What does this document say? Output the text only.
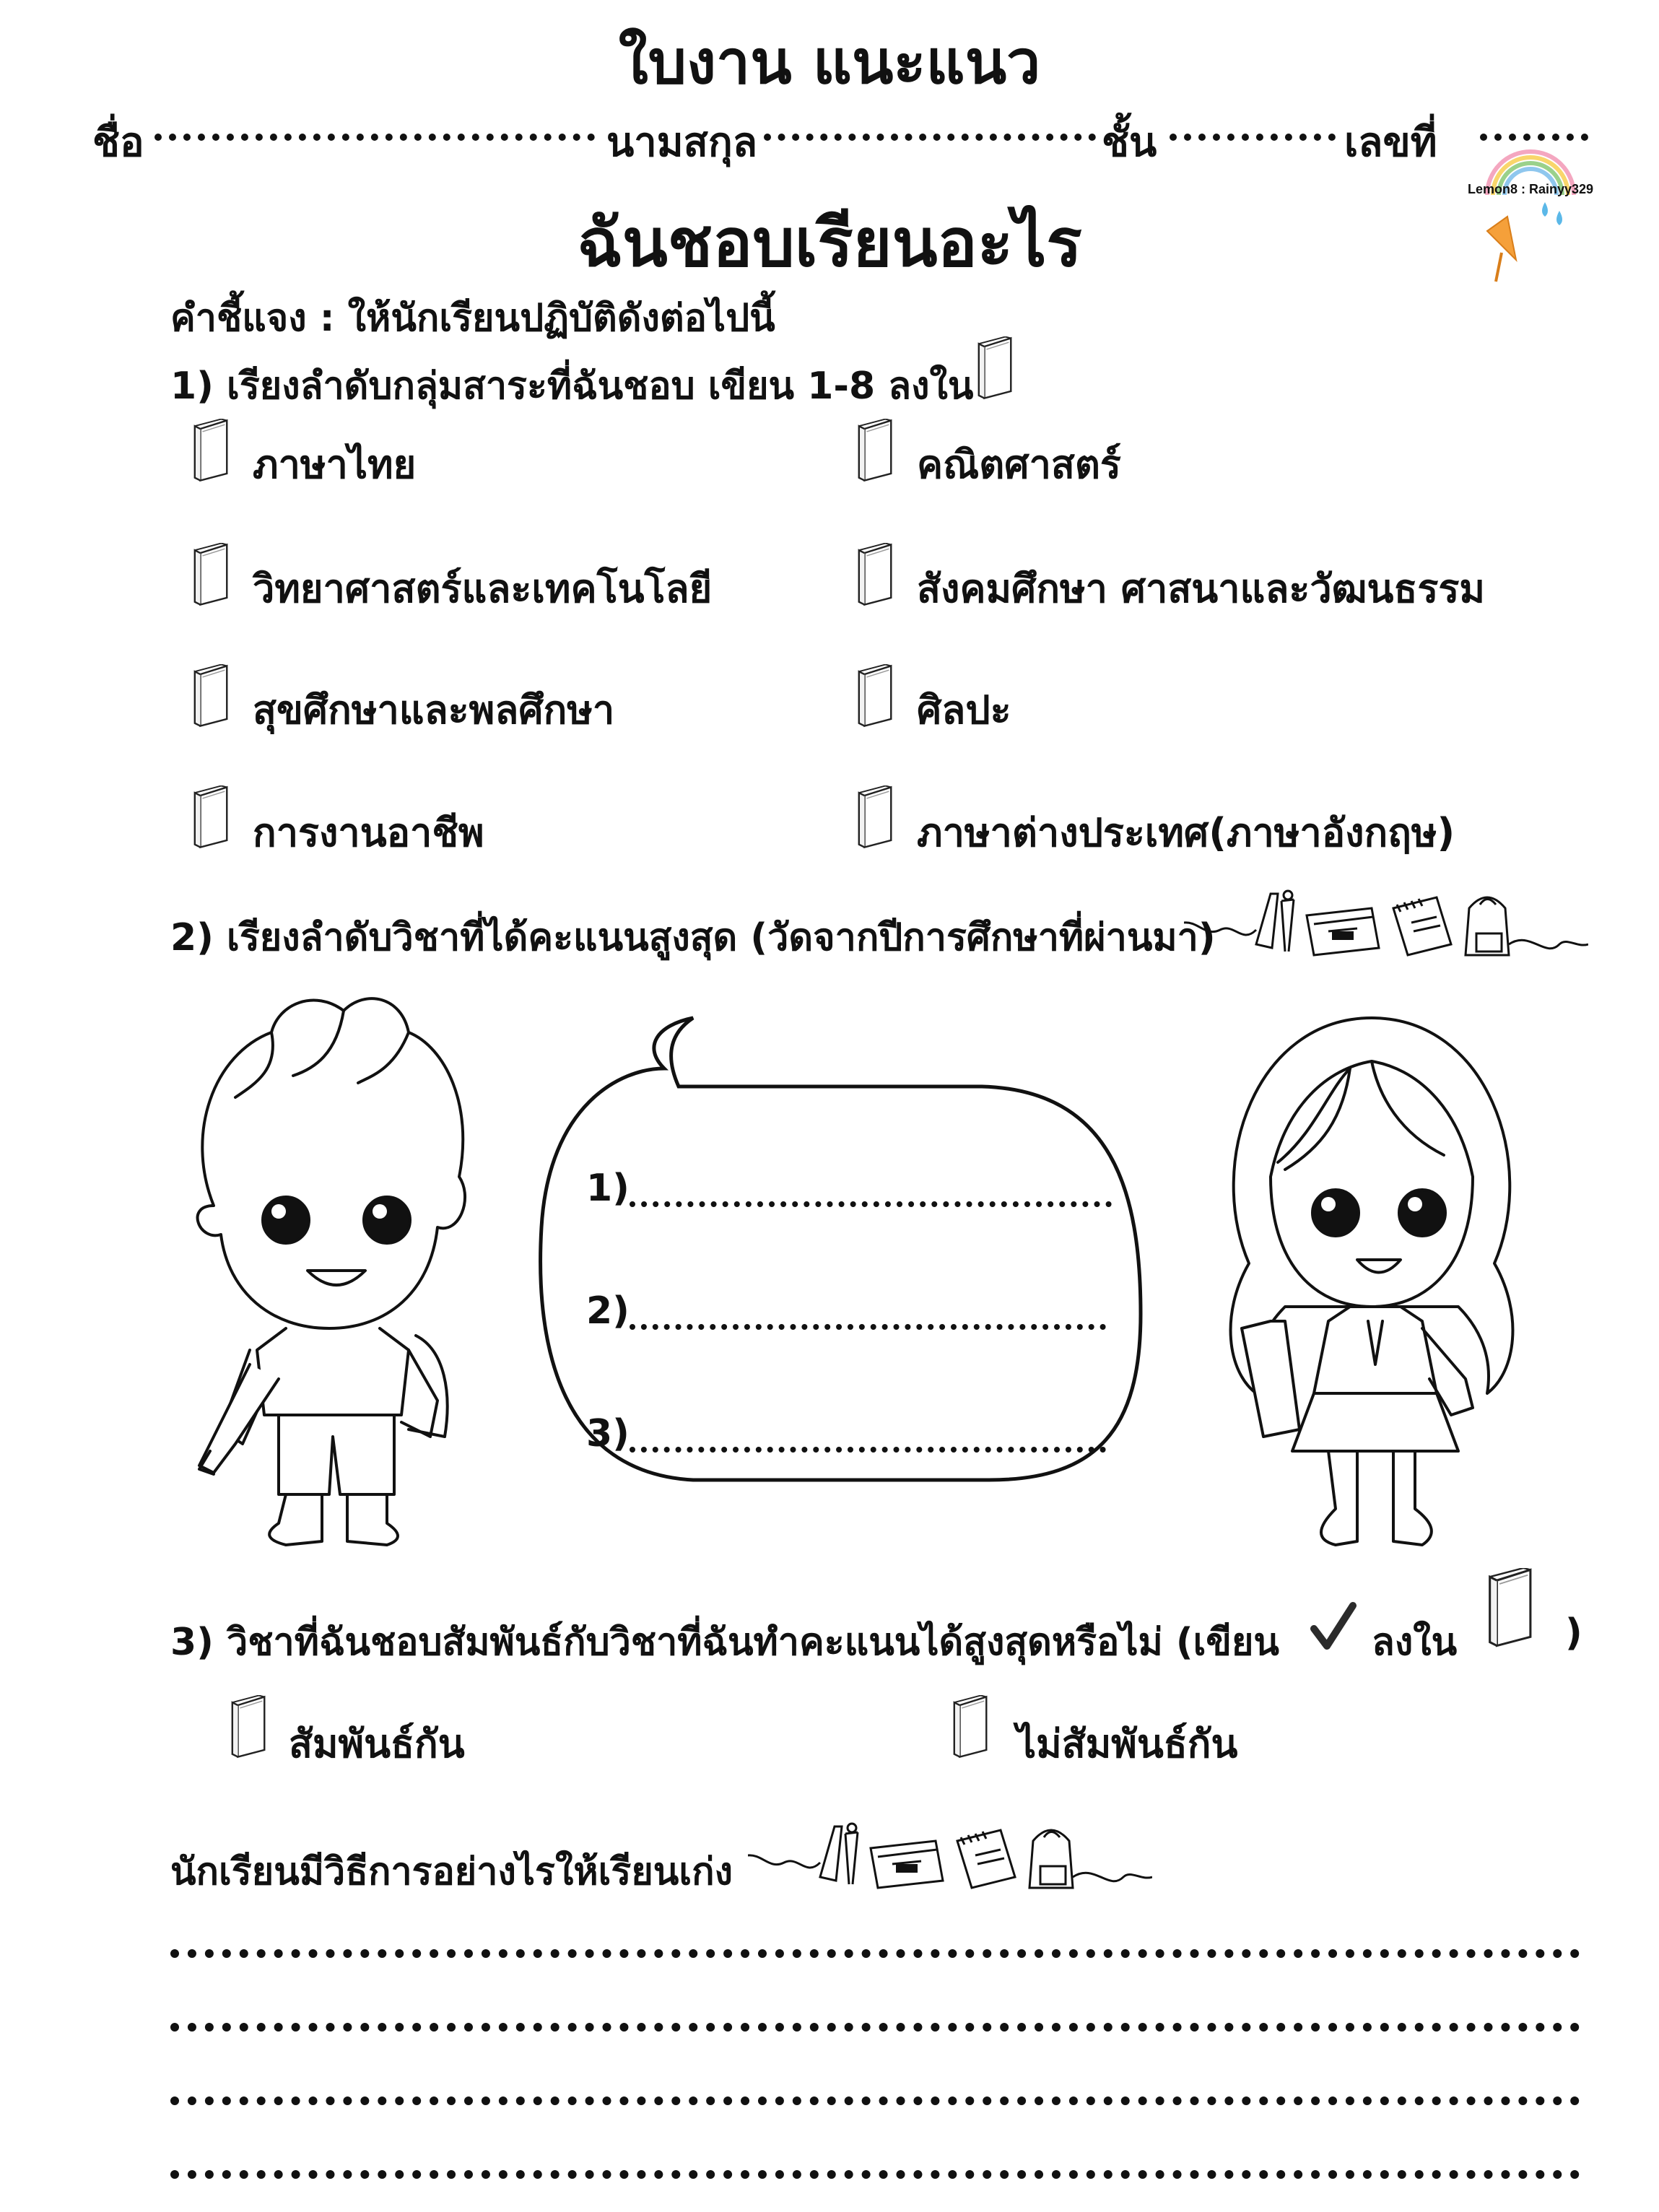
ใบงาน แนะแนว
ชื่อ	นามสกุล	ชั้น	เลขที่
Lemon8 : Rainyy329
ฉันชอบเรียนอะไร
คำชี้แจง : ให้นักเรียนปฏิบัติดังต่อไปนี้
1) เรียงลำดับกลุ่มสาระที่ฉันชอบ เขียน 1-8 ลงใน
ภาษาไทย	คณิตศาสตร์
วิทยาศาสตร์และเทคโนโลยี	สังคมศึกษา ศาสนาและวัฒนธรรม
สุขศึกษาและพลศึกษา	ศิลปะ
การงานอาชีพ	ภาษาต่างประเทศ(ภาษาอังกฤษ)
2) เรียงลำดับวิชาที่ได้คะแนนสูงสุด (วัดจากปีการศึกษาที่ผ่านมา)
1)
2)
3)
3) วิชาที่ฉันชอบสัมพันธ์กับวิชาที่ฉันทำคะแนนได้สูงสุดหรือไม่ (เขียน ลงใน	)
สัมพันธ์กัน	ไม่สัมพันธ์กัน
นักเรียนมีวิธีการอย่างไรให้เรียนเก่ง
